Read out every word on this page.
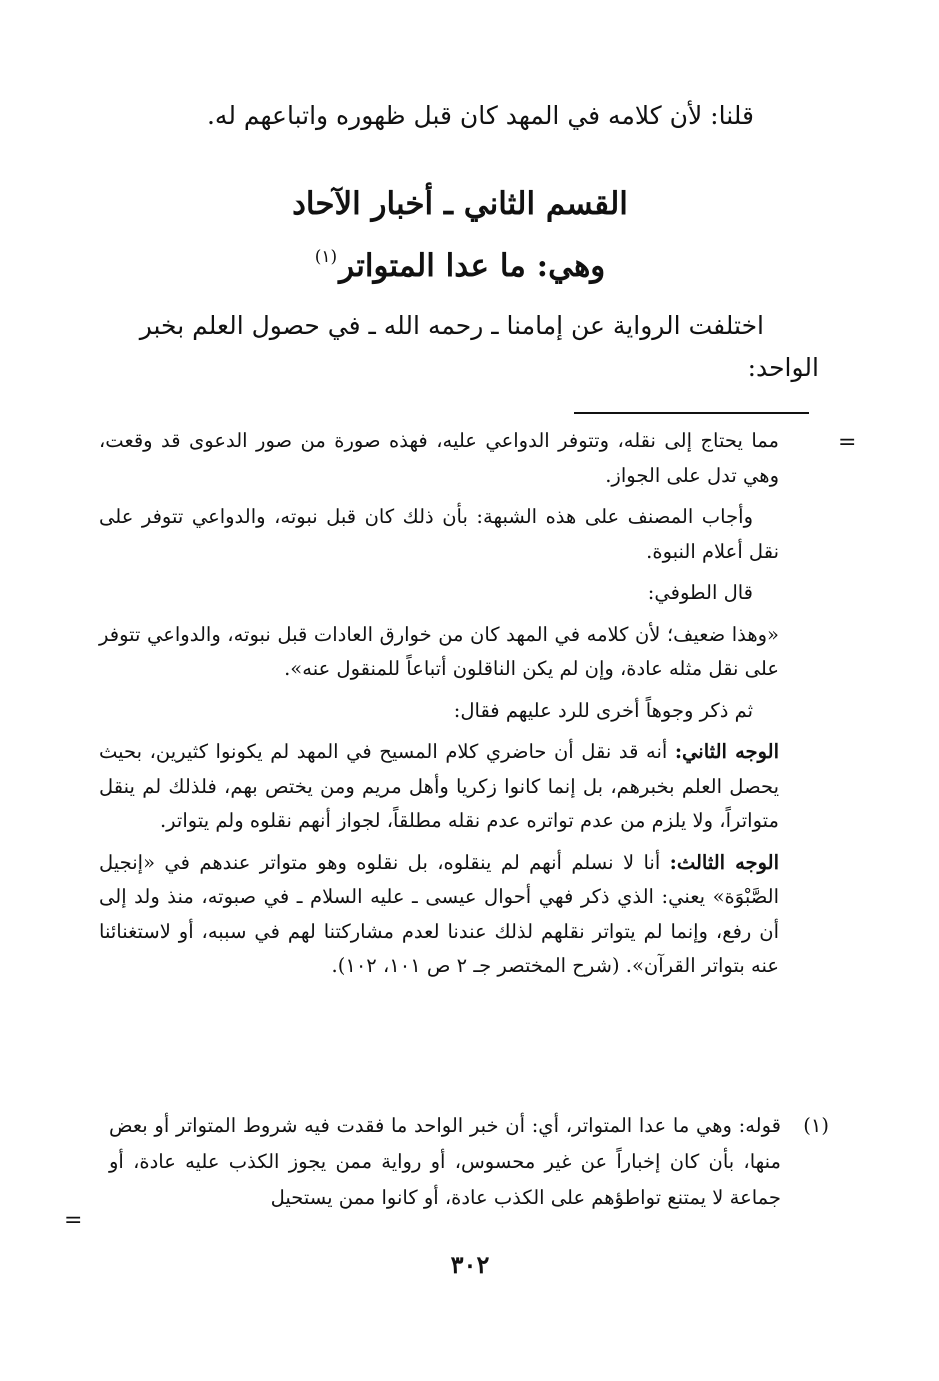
قلنا: لأن كلامه في المهد كان قبل ظهوره واتباعهم له.
القسم الثاني ـ أخبار الآحاد
وهي: ما عدا المتواتر$^{(١)}$
اختلفت الرواية عن إمامنا ـ رحمه الله ـ في حصول العلم بخبر
الواحد:
=

مما يحتاج إلى نقله، وتتوفر الدواعي عليه، فهذه صورة من صور الدعوى قد وقعت، وهي تدل على الجواز.

وأجاب المصنف على هذه الشبهة: بأن ذلك كان قبل نبوته، والدواعي تتوفر على نقل أعلام النبوة.

قال الطوفي:

«وهذا ضعيف؛ لأن كلامه في المهد كان من خوارق العادات قبل نبوته، والدواعي تتوفر على نقل مثله عادة، وإن لم يكن الناقلون أتباعاً للمنقول عنه».

ثم ذكر وجوهاً أخرى للرد عليهم فقال:

الوجه الثاني: أنه قد نقل أن حاضري كلام المسيح في المهد لم يكونوا كثيرين، بحيث يحصل العلم بخبرهم، بل إنما كانوا زكريا وأهل مريم ومن يختص بهم، فلذلك لم ينقل متواتراً، ولا يلزم من عدم تواتره عدم نقله مطلقاً، لجواز أنهم نقلوه ولم يتواتر.

الوجه الثالث: أنا لا نسلم أنهم لم ينقلوه، بل نقلوه وهو متواتر عندهم في «إنجيل الصَّبْوَة» يعني: الذي ذكر فهي أحوال عيسى ـ عليه السلام ـ في صبوته، منذ ولد إلى أن رفع، وإنما لم يتواتر نقلهم لذلك عندنا لعدم مشاركتنا لهم في سببه، أو لاستغنائنا عنه بتواتر القرآن». (شرح المختصر جـ ٢ ص ١٠١، ١٠٢).

(١)
قوله: وهي ما عدا المتواتر، أي: أن خبر الواحد ما فقدت فيه شروط المتواتر أو بعض منها، بأن كان إخباراً عن غير محسوس، أو رواية ممن يجوز الكذب عليه عادة، أو جماعة لا يمتنع تواطؤهم على الكذب عادة، أو كانوا ممن يستحيل
=
٣٠٢
